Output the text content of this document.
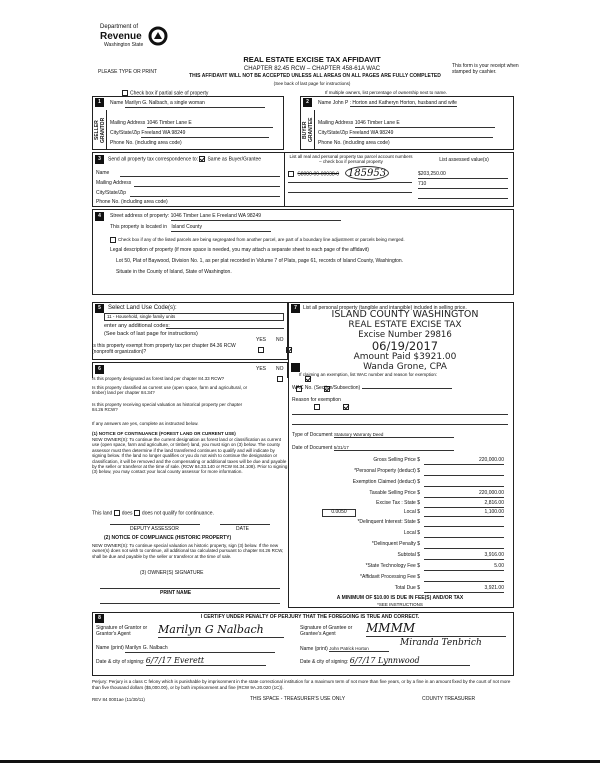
Department of
Revenue
Washington State
PLEASE TYPE OR PRINT
REAL ESTATE EXCISE TAX AFFIDAVIT
CHAPTER 82.45 RCW – CHAPTER 458-61A WAC
THIS AFFIDAVIT WILL NOT BE ACCEPTED UNLESS ALL AREAS ON ALL PAGES ARE FULLY COMPLETED
(See back of last page for instructions)
This form is your receipt when stamped by cashier.
Check box if partial sale of property	If multiple owners, list percentage of ownership next to name.
1
SELLER GRANTOR
Name Marilyn G. Nalbach, a single woman
Mailing Address 1046 Timber Lane E
City/State/Zip Freeland WA 98249
Phone No. (including area code)
2
BUYER GRANTEE
Name John P : Horton and Katheryn Horton, husband and wife
Mailing Address 1046 Timber Lane E
City/State/Zip Freeland WA 98249
Phone No. (including area code)
3	Send all property tax correspondence to: Same as Buyer/Grantee
Name
Mailing Address
City/State/Zip
Phone No. (including area code)
List all real and personal property tax parcel account numbers – check box if personal property	List assessed value(s)
S8080-00-00038-0 185953	$203,250.00
710
4	Street address of property: 1046 Timber Lane E Freeland WA 98249
This property is located in Island County
Check box if any of the listed parcels are being segregated from another parcel, are part of a boundary line adjustment or parcels being merged.
Legal description of property (if more space is needed, you may attach a separate sheet to each page of the affidavit)
Lot 50, Plat of Baywood, Division No. 1, as per plat recorded in Volume 7 of Plats, page 61, records of Island County, Washington.
Situate in the County of Island, State of Washington.
5	Select Land Use Code(s):
11 - Household, single family units
enter any additional codes:
(See back of last page for instructions)
YES NO
Is this property exempt from property tax per chapter 84.36 RCW (nonprofit organization)?

6	YES NO
Is this property designated as forest land per chapter 84.33 RCW?

Is this property classified as current use (open space, farm and agricultural, or timber) land per chapter 84.34?

Is this property receiving special valuation as historical property per chapter 84.26 RCW?

If any answers are yes, complete as instructed below.
(1) NOTICE OF CONTINUANCE (FOREST LAND OR CURRENT USE)
NEW OWNER(S): To continue the current designation as forest land or classification as current use (open space, farm and agriculture, or timber) land, you must sign on (3) below. The county assessor must then determine if the land transferred continues to qualify and will indicate by signing below. If the land no longer qualifies or you do not wish to continue the designation or classification, it will be removed and the compensating or additional taxes will be due and payable by the seller or transferor at the time of sale. (RCW 84.33.140 or RCW 84.34.108). Prior to signing (3) below, you may contact your local county assessor for more information.
This land does does not qualify for continuance.
DEPUTY ASSESSOR	DATE
(2) NOTICE OF COMPLIANCE (HISTORIC PROPERTY)
NEW OWNER(S): To continue special valuation as historic property, sign (3) below. If the new owner(s) does not wish to continue, all additional tax calculated pursuant to chapter 84.26 RCW, shall be due and payable by the seller or transferor at the time of sale.
(3) OWNER(S) SIGNATURE
PRINT NAME
7	List all personal property (tangible and intangible) included in selling price.
ISLAND COUNTY WASHINGTON
REAL ESTATE EXCISE TAX
Excise Number 29816
06/19/2017
Amount Paid $3921.00
Wanda Grone, CPA

If claiming an exemption, list WAC number and reason for exemption:
WAC No. (Section/Subsection)
Reason for exemption
Type of Document Statutory Warranty Deed
Date of Document 5/31/17
Gross Selling Price $	220,000.00
*Personal Property (deduct) $
Exemption Claimed (deduct) $
Taxable Selling Price $	220,000.00
Excise Tax : State $	2,816.00
0.0050	Local $	1,100.00
*Delinquent Interest: State $
Local $
*Delinquent Penalty $
Subtotal $	3,916.00
*State Technology Fee $	5.00
*Affidavit Processing Fee $
Total Due $	3,921.00
A MINIMUM OF $10.00 IS DUE IN FEE(S) AND/OR TAX
*SEE INSTRUCTIONS
8	I CERTIFY UNDER PENALTY OF PERJURY THAT THE FOREGOING IS TRUE AND CORRECT.
Signature of Grantor or Grantor's Agent	Marilyn G Nalbach
Name (print) Marilyn G. Nalbach
Date & city of signing: 6/7/17 Everett
Signature of Grantee or Grantee's Agent	MMMM
Name (print) John Patrick Horton
Miranda Tenbrich
Date & city of signing: 6/7/17 Lynnwood
Perjury: Perjury is a class C felony which is punishable by imprisonment in the state correctional institution for a maximum term of not more than five years, or by a fine in an amount fixed by the court of not more than five thousand dollars ($5,000.00), or by both imprisonment and fine (RCW 9A.20.020 (1C)).
REV 84 0001ae (11/30/11)	THIS SPACE - TREASURER'S USE ONLY	COUNTY TREASURER
